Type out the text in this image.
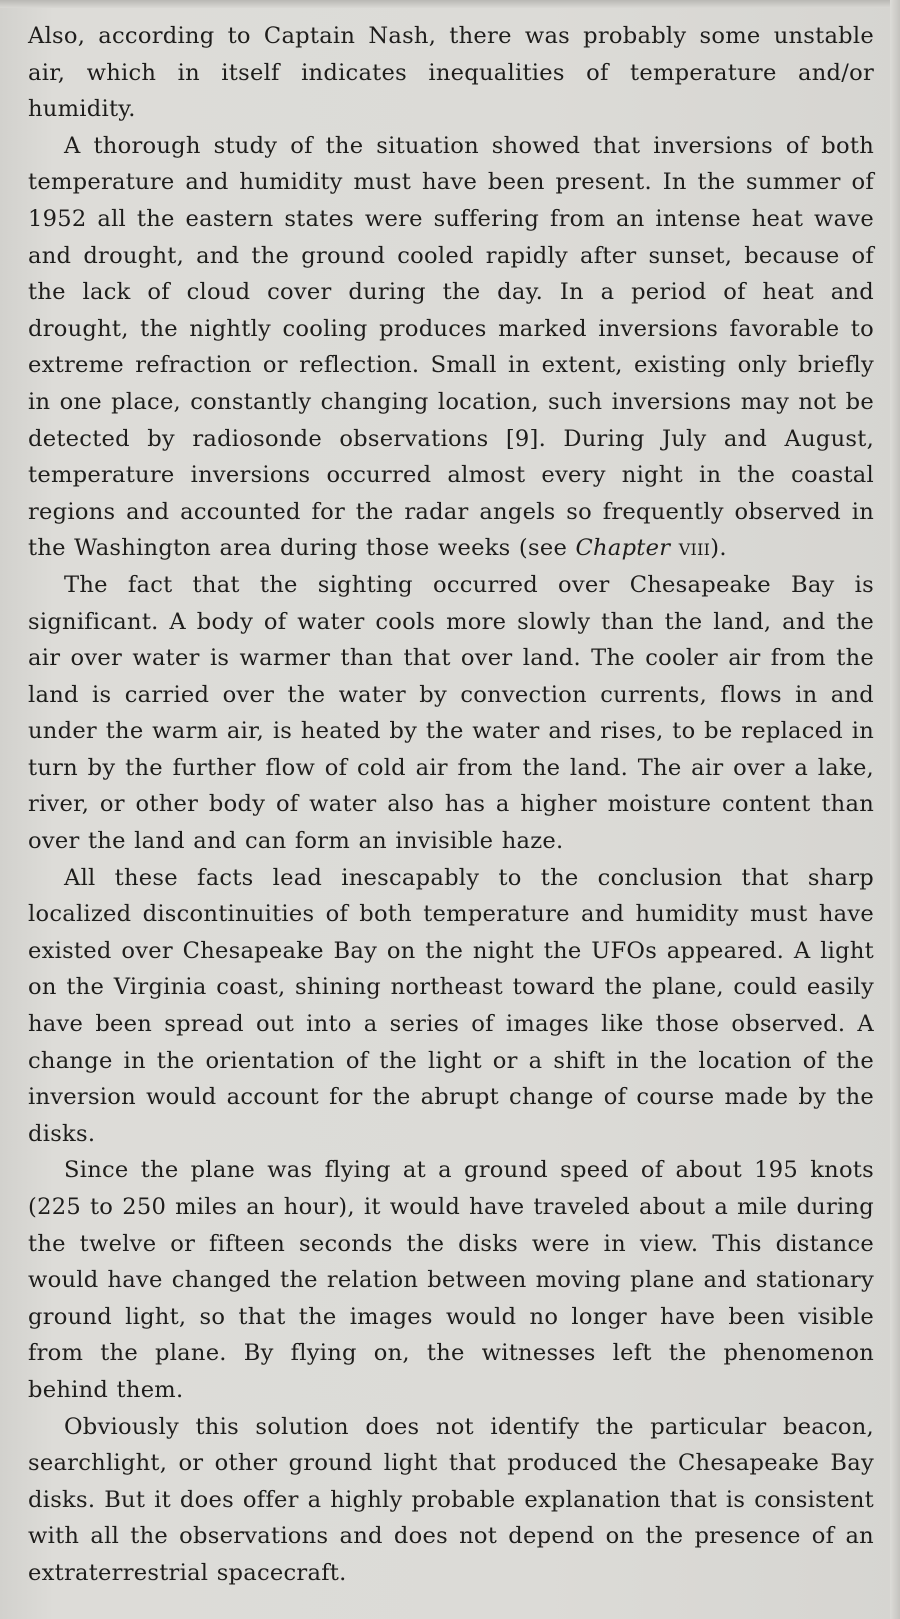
Also, according to Captain Nash, there was probably some unstable air, which in itself indicates inequalities of temperature and/or humidity.

A thorough study of the situation showed that inversions of both temperature and humidity must have been present. In the summer of 1952 all the eastern states were suffering from an intense heat wave and drought, and the ground cooled rapidly after sunset, because of the lack of cloud cover during the day. In a period of heat and drought, the nightly cooling produces marked inversions favorable to extreme refraction or reflection. Small in extent, existing only briefly in one place, constantly changing location, such inversions may not be detected by radiosonde observations [9]. During July and August, temperature inversions occurred almost every night in the coastal regions and accounted for the radar angels so frequently observed in the Washington area during those weeks (see Chapter viii).

The fact that the sighting occurred over Chesapeake Bay is significant. A body of water cools more slowly than the land, and the air over water is warmer than that over land. The cooler air from the land is carried over the water by convection currents, flows in and under the warm air, is heated by the water and rises, to be replaced in turn by the further flow of cold air from the land. The air over a lake, river, or other body of water also has a higher moisture content than over the land and can form an invisible haze.

All these facts lead inescapably to the conclusion that sharp localized discontinuities of both temperature and humidity must have existed over Chesapeake Bay on the night the UFOs appeared. A light on the Virginia coast, shining northeast toward the plane, could easily have been spread out into a series of images like those observed. A change in the orientation of the light or a shift in the location of the inversion would account for the abrupt change of course made by the disks.

Since the plane was flying at a ground speed of about 195 knots (225 to 250 miles an hour), it would have traveled about a mile during the twelve or fifteen seconds the disks were in view. This distance would have changed the relation between moving plane and stationary ground light, so that the images would no longer have been visible from the plane. By flying on, the witnesses left the phenomenon behind them.

Obviously this solution does not identify the particular beacon, searchlight, or other ground light that produced the Chesapeake Bay disks. But it does offer a highly probable explanation that is consistent with all the observations and does not depend on the presence of an extraterrestrial spacecraft.
